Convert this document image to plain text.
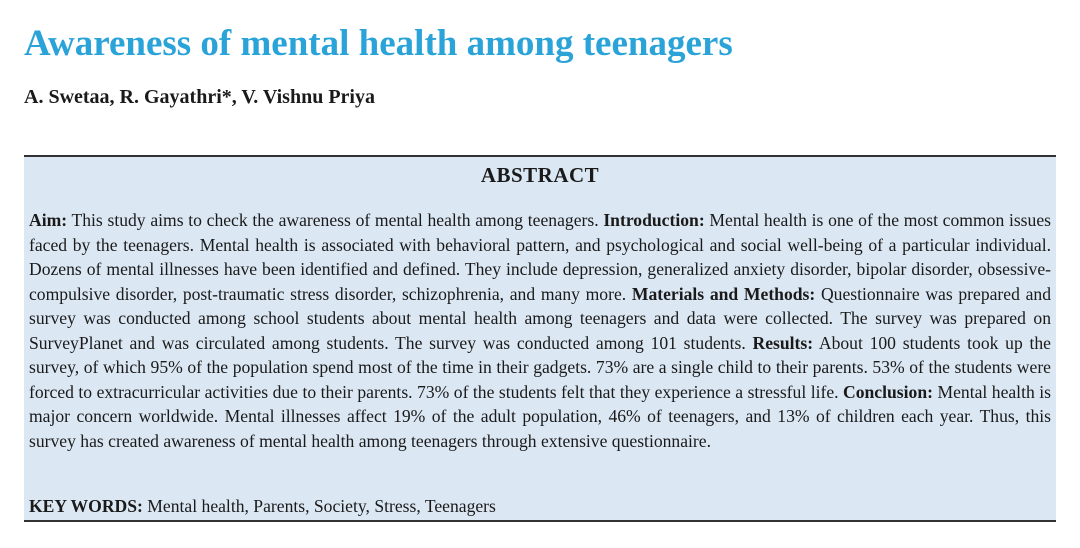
Awareness of mental health among teenagers

A. Swetaa, R. Gayathri*, V. Vishnu Priya

ABSTRACT

Aim: This study aims to check the awareness of mental health among teenagers. Introduction: Mental health is one of the most common issues faced by the teenagers. Mental health is associated with behavioral pattern, and psychological and social well-being of a particular individual. Dozens of mental illnesses have been identified and defined. They include depression, generalized anxiety disorder, bipolar disorder, obsessive-compulsive disorder, post-traumatic stress disorder, schizophrenia, and many more. Materials and Methods: Questionnaire was prepared and survey was conducted among school students about mental health among teenagers and data were collected. The survey was prepared on SurveyPlanet and was circulated among students. The survey was conducted among 101 students. Results: About 100 students took up the survey, of which 95% of the population spend most of the time in their gadgets. 73% are a single child to their parents. 53% of the students were forced to extracurricular activities due to their parents. 73% of the students felt that they experience a stressful life. Conclusion: Mental health is major concern worldwide. Mental illnesses affect 19% of the adult population, 46% of teenagers, and 13% of children each year. Thus, this survey has created awareness of mental health among teenagers through extensive questionnaire.

KEY WORDS: Mental health, Parents, Society, Stress, Teenagers
